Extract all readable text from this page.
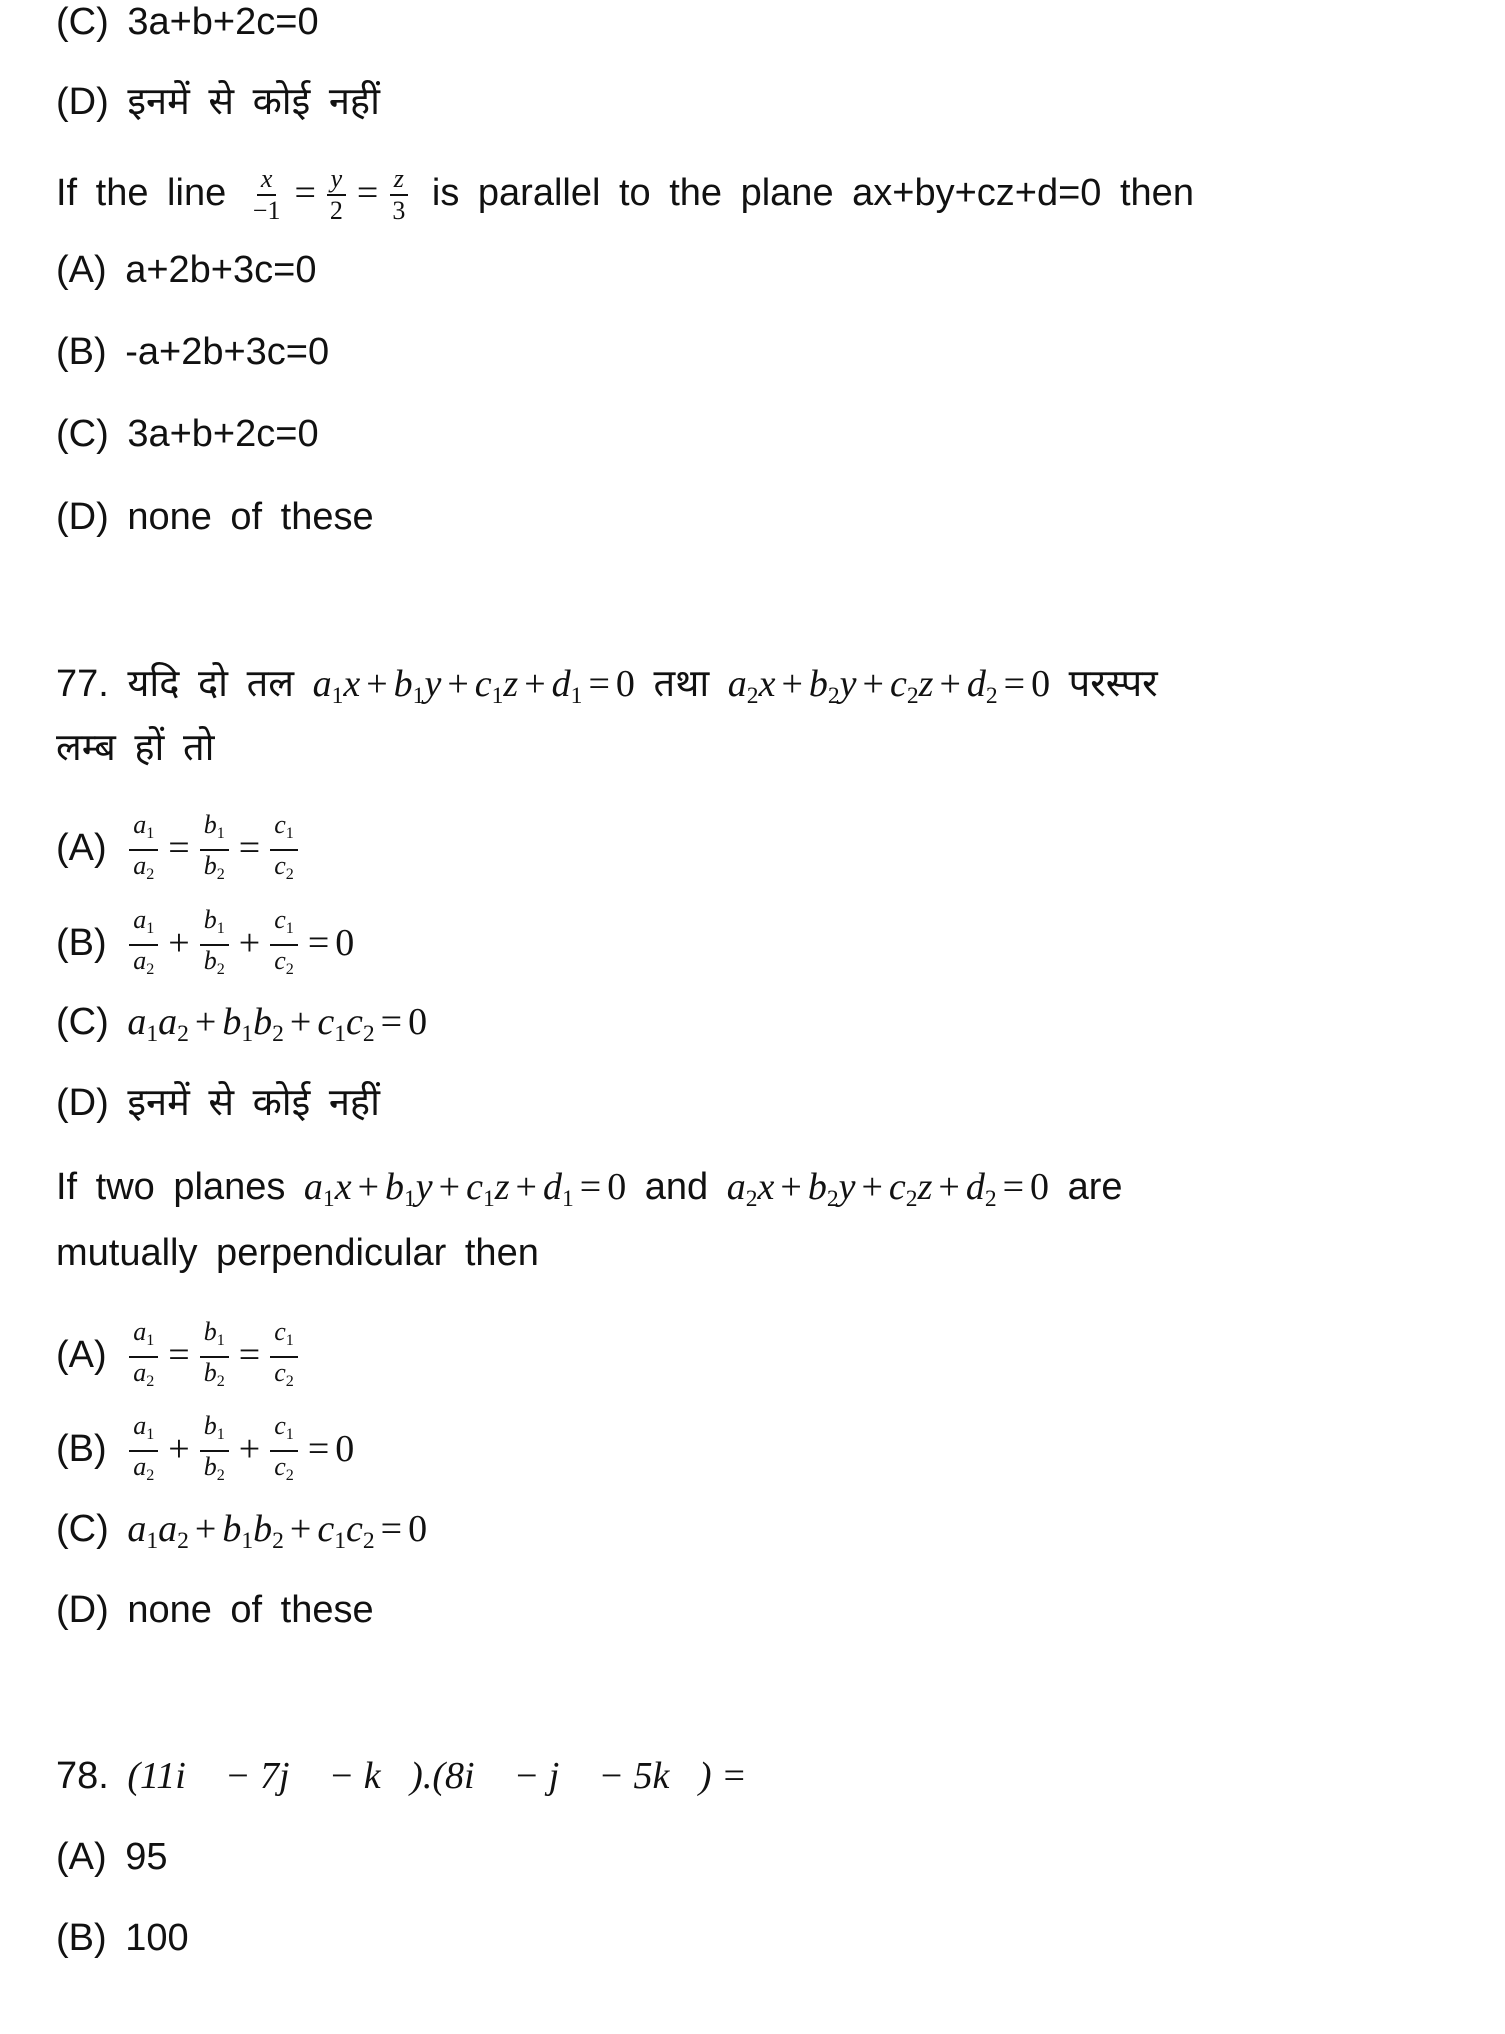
(C) 3a+b+2c=0
(D) इनमें से कोई नहीं
If the line $\frac{x}{-1} = \frac{y}{2} = \frac{z}{3}$ is parallel to the plane ax+by+cz+d=0 then
(A) a+2b+3c=0
(B) -a+2b+3c=0
(C) 3a+b+2c=0
(D) none of these
77. यदि दो तल $a_1x + b_1y + c_1z + d_1 = 0$ तथा $a_2x + b_2y + c_2z + d_2 = 0$ परस्पर
लम्ब हों तो
$(A) \frac{a_1}{a_2} = \frac{b_1}{b_2} = \frac{c_1}{c_2}$
$(B) \frac{a_1}{a_2} + \frac{b_1}{b_2} + \frac{c_1}{c_2} = 0$
(C) $a_1a_2 + b_1b_2 + c_1c_2 = 0$
(D) इनमें से कोई नहीं
If two planes $a_1x + b_1y + c_1z + d_1 = 0$ and $a_2x + b_2y + c_2z + d_2 = 0$ are
mutually perpendicular then
$(A) \frac{a_1}{a_2} = \frac{b_1}{b_2} = \frac{c_1}{c_2}$
$(B) \frac{a_1}{a_2} + \frac{b_1}{b_2} + \frac{c_1}{c_2} = 0$
(C) $a_1a_2 + b_1b_2 + c_1c_2 = 0$
(D) none of these
78. (11i⃗ − 7j⃗ − k⃗).(8i⃗ − j⃗ − 5k⃗) =
(A) 95
(B) 100
